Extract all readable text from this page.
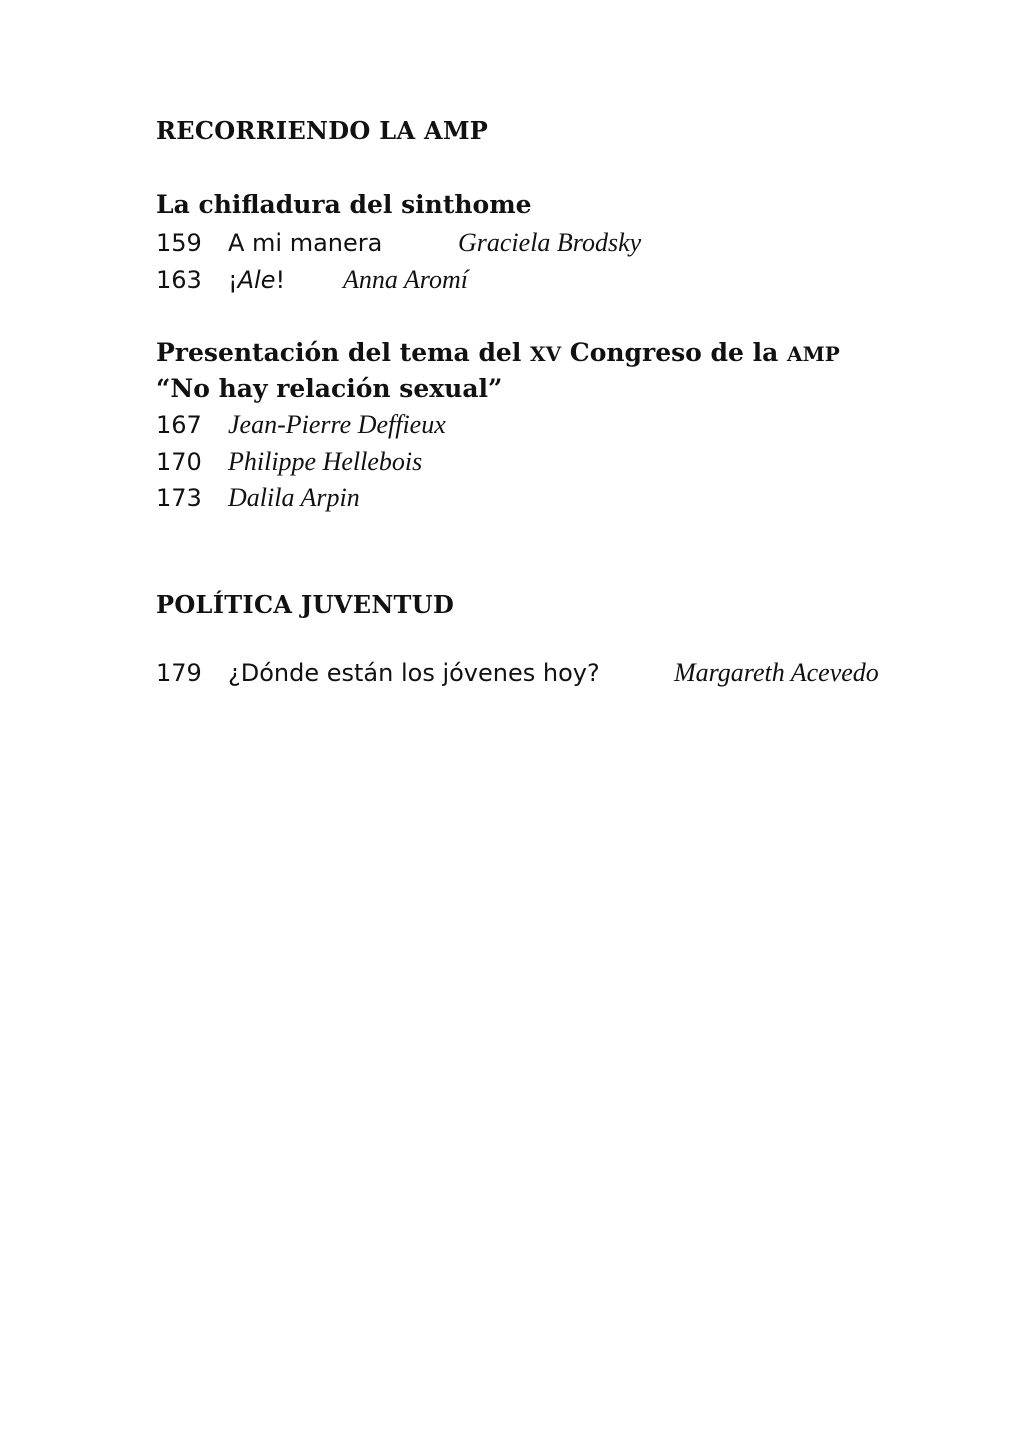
RECORRIENDO LA AMP
La chifladura del sinthome
159	A mi manera	Graciela Brodsky
163	¡Ale!	Anna Aromí
Presentación del tema del XV Congreso de la AMP
“No hay relación sexual”
167	Jean-Pierre Deffieux
170	Philippe Hellebois
173	Dalila Arpin
POLÍTICA JUVENTUD
179	¿Dónde están los jóvenes hoy?	Margareth Acevedo
